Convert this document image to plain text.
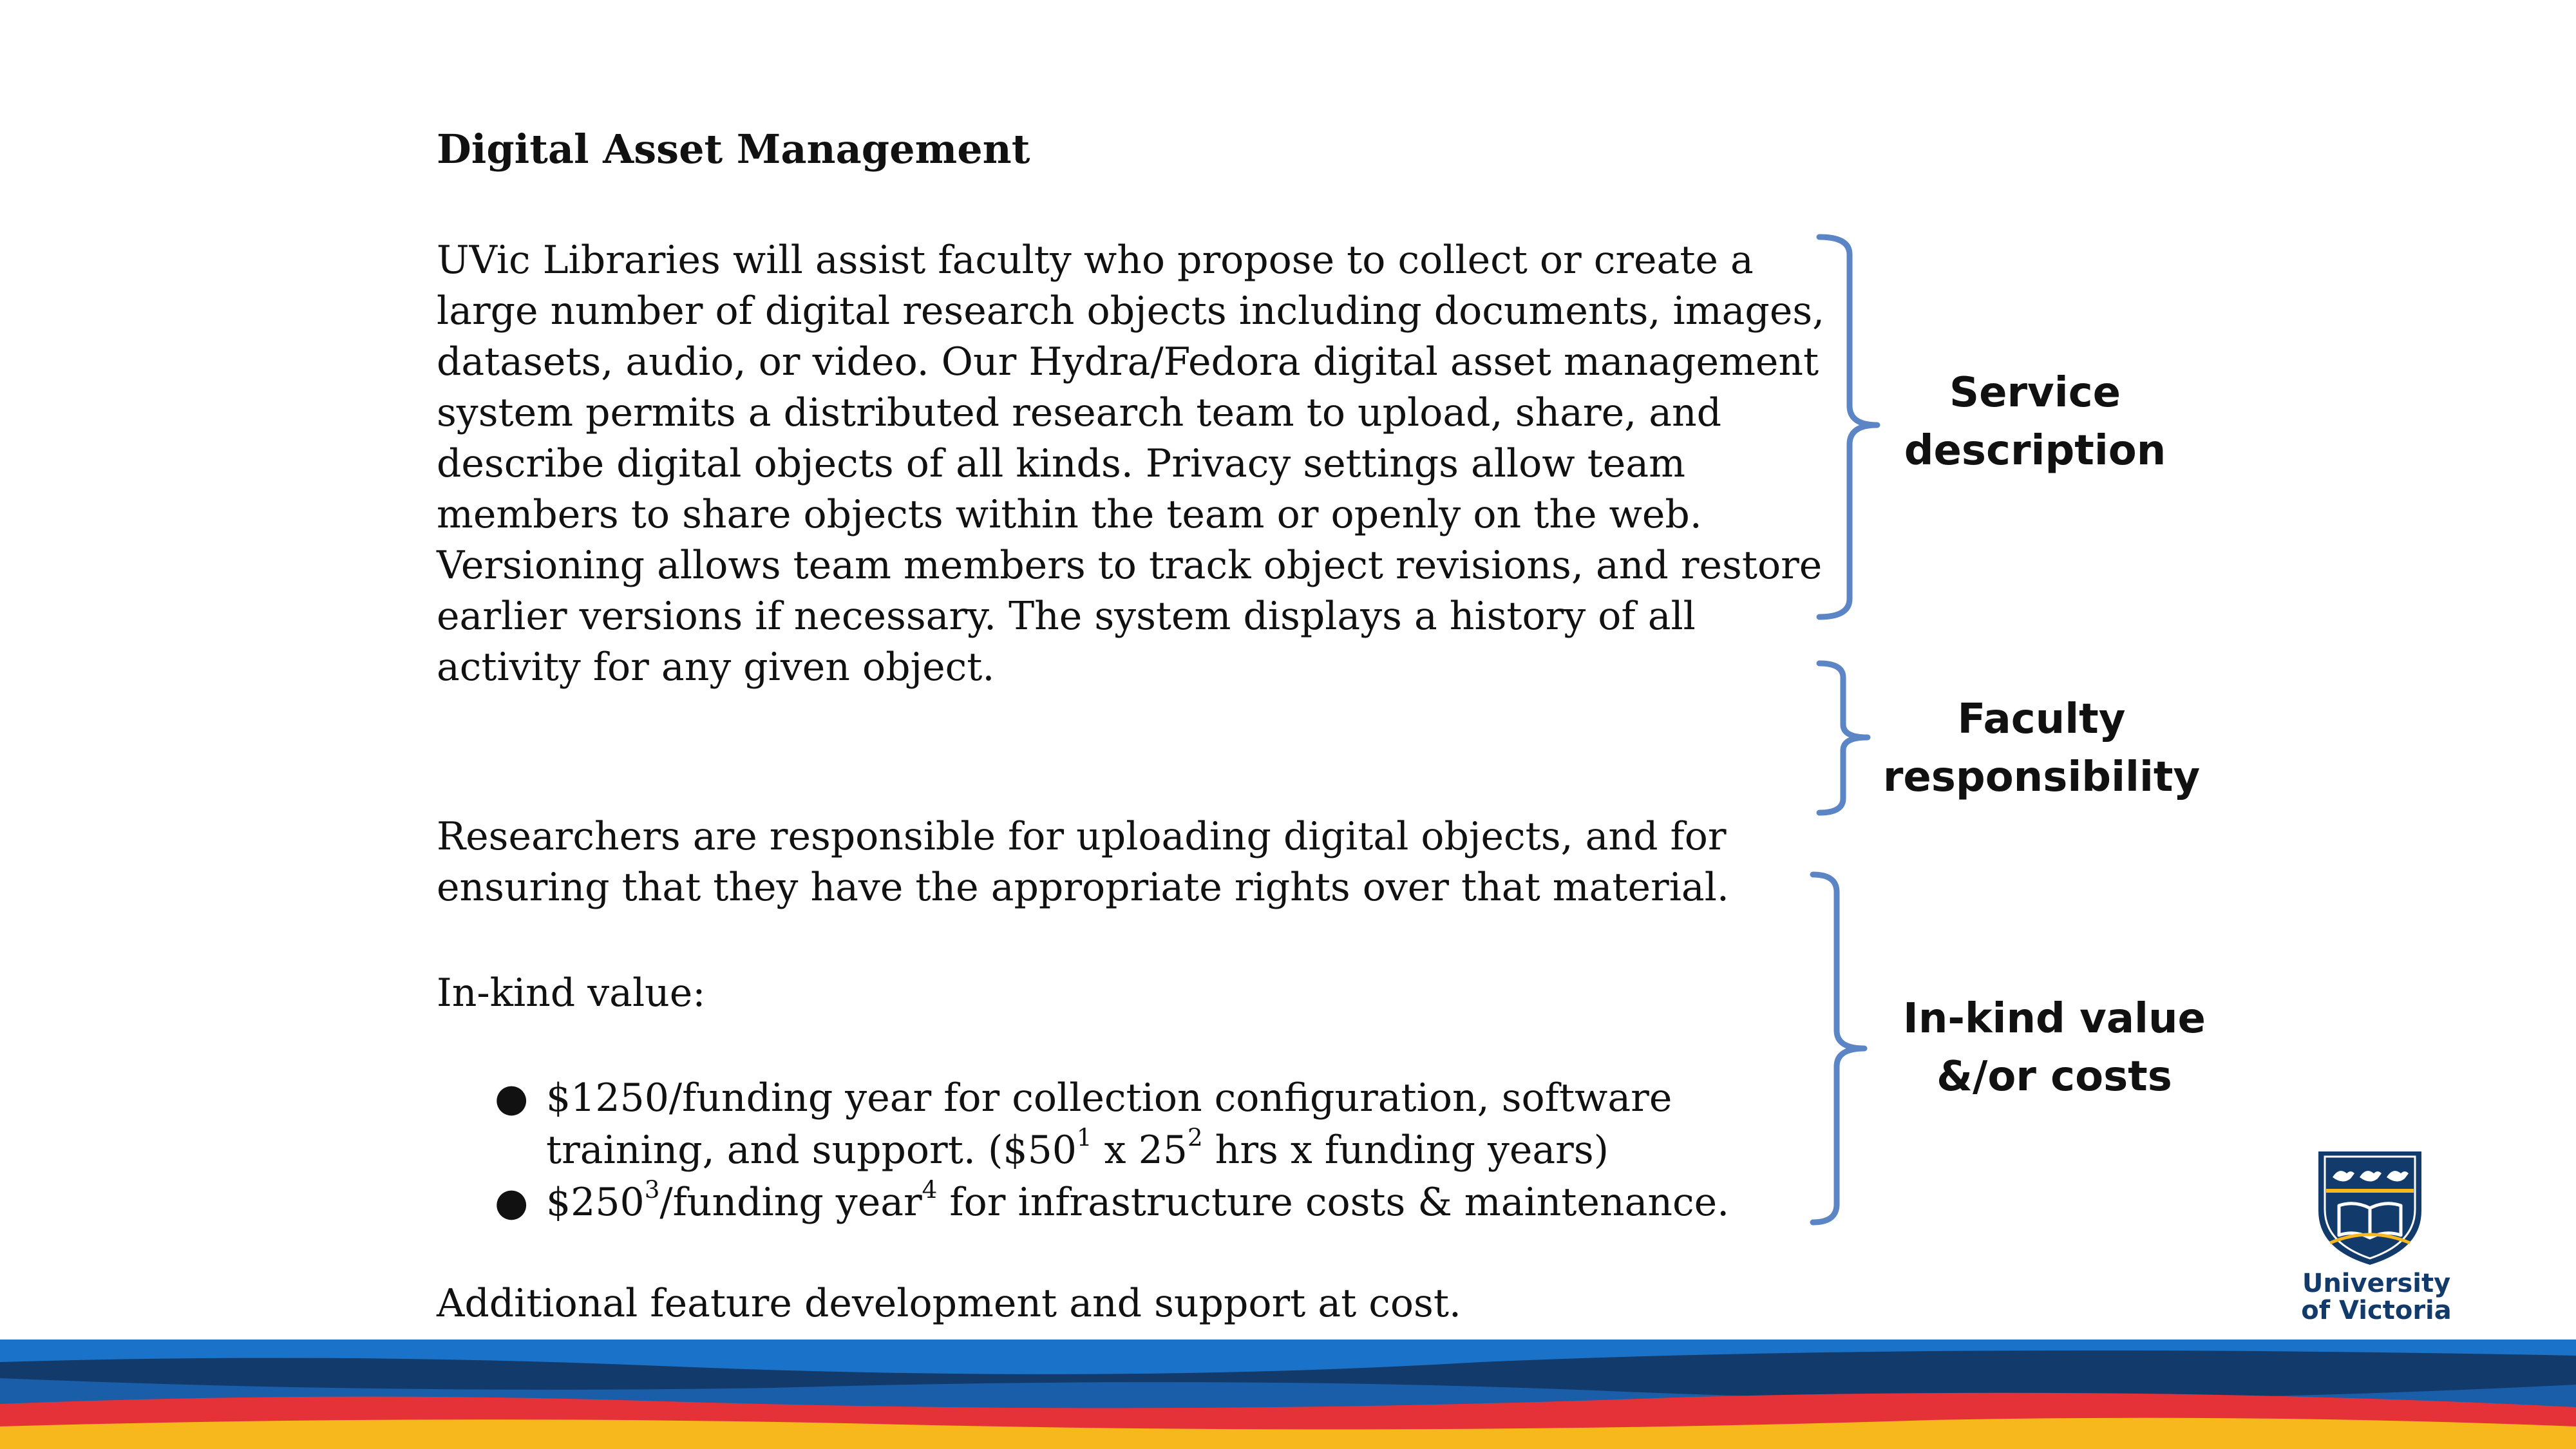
Digital Asset Management
UVic Libraries will assist faculty who propose to collect or create a large number of digital research objects including documents, images, datasets, audio, or video. Our Hydra/Fedora digital asset management system permits a distributed research team to upload, share, and describe digital objects of all kinds. Privacy settings allow team members to share objects within the team or openly on the web. Versioning allows team members to track object revisions, and restore earlier versions if necessary. The system displays a history of all activity for any given object.
Researchers are responsible for uploading digital objects, and for ensuring that they have the appropriate rights over that material.
In-kind value:
● $1250/funding year for collection configuration, software training, and support. ($\$50^1$ x $25^2$ hrs x funding years)
● $\$250^3$/funding year$^4$ for infrastructure costs & maintenance.
Additional feature development and support at cost.
Service
description
Faculty
responsibility
In-kind value
&/or costs
University
of Victoria
